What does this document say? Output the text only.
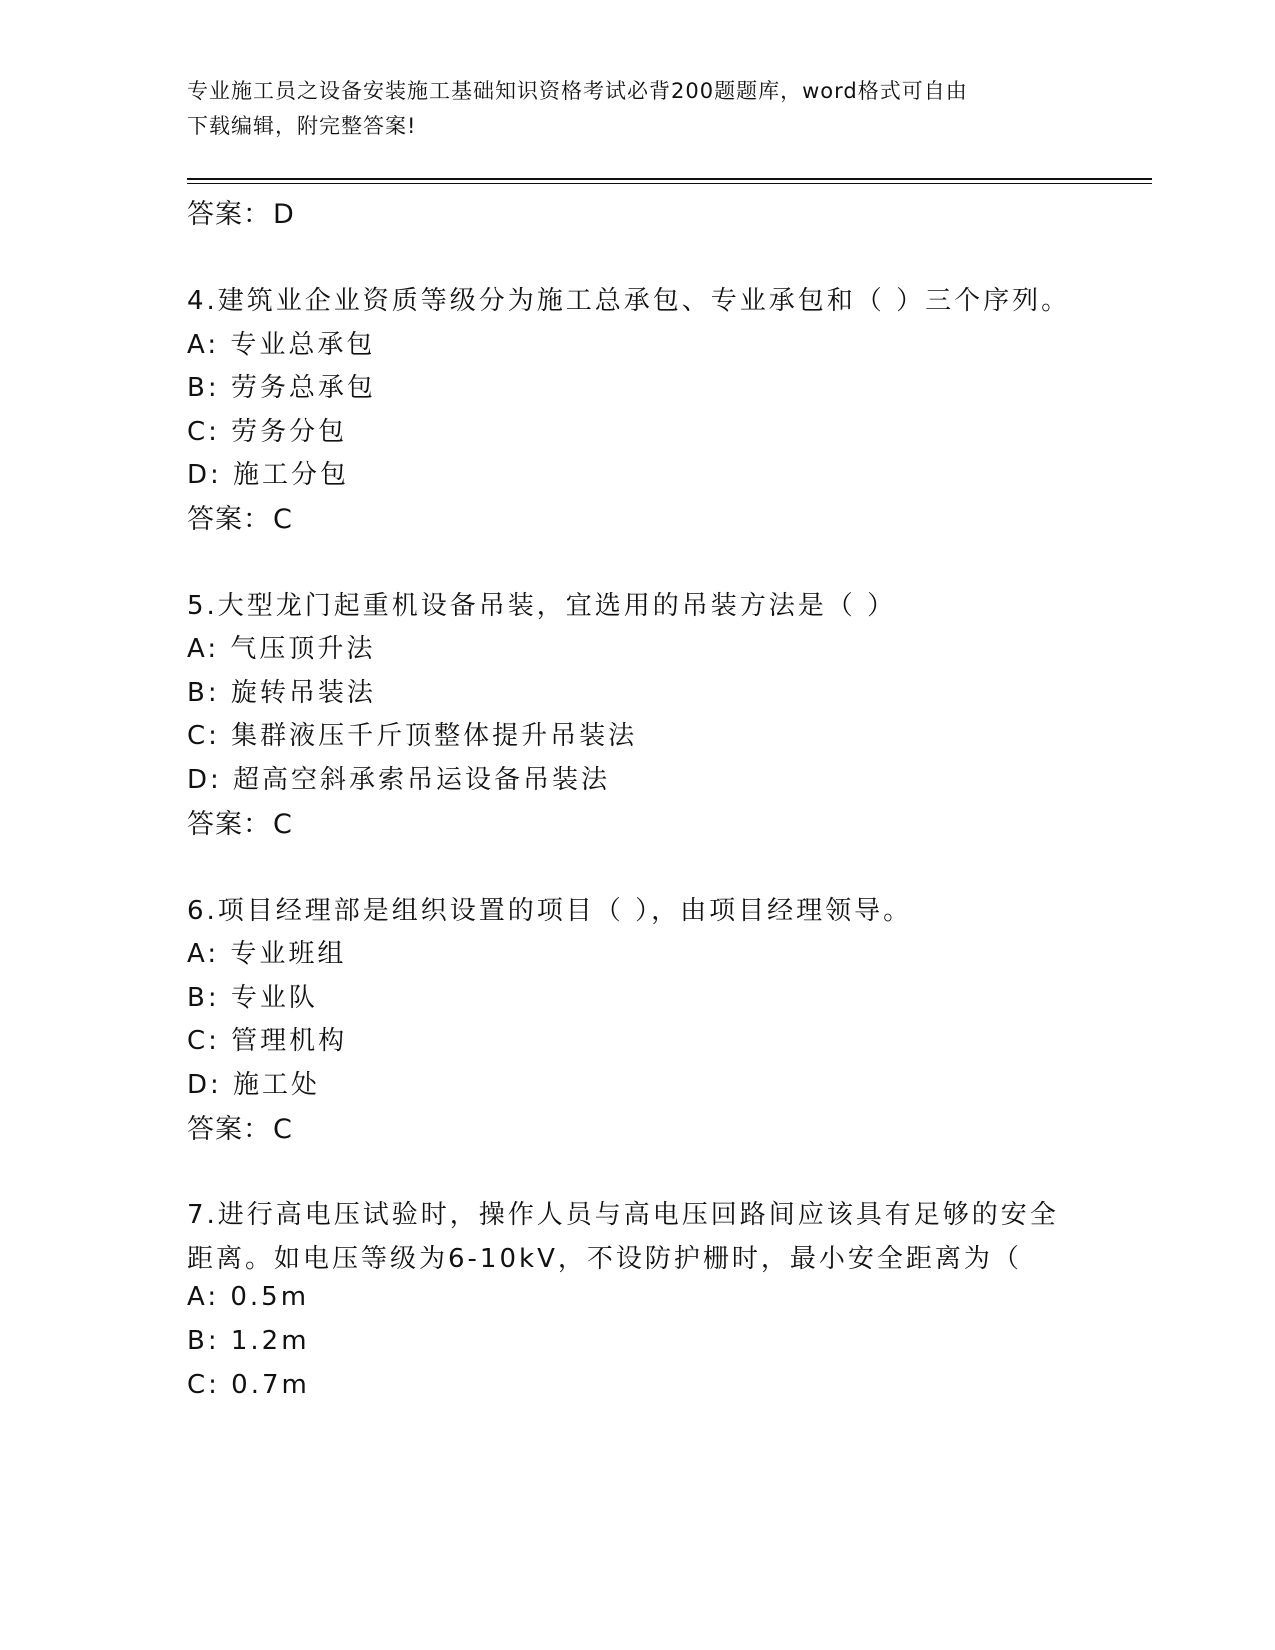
专业施工员之设备安装施工基础知识资格考试必背200题题库，word格式可自由
下载编辑，附完整答案!
答案：D
4.建筑业企业资质等级分为施工总承包、专业承包和（ ）三个序列。
A: 专业总承包
B: 劳务总承包
C: 劳务分包
D: 施工分包
答案：C
5.大型龙门起重机设备吊装，宜选用的吊装方法是（ ）
A: 气压顶升法
B: 旋转吊装法
C: 集群液压千斤顶整体提升吊装法
D: 超高空斜承索吊运设备吊装法
答案：C
6.项目经理部是组织设置的项目（ ），由项目经理领导。
A: 专业班组
B: 专业队
C: 管理机构
D: 施工处
答案：C
7.进行高电压试验时，操作人员与高电压回路间应该具有足够的安全
距离。如电压等级为6-10kV，不设防护栅时，最小安全距离为（
A: 0.5m
B: 1.2m
C: 0.7m
